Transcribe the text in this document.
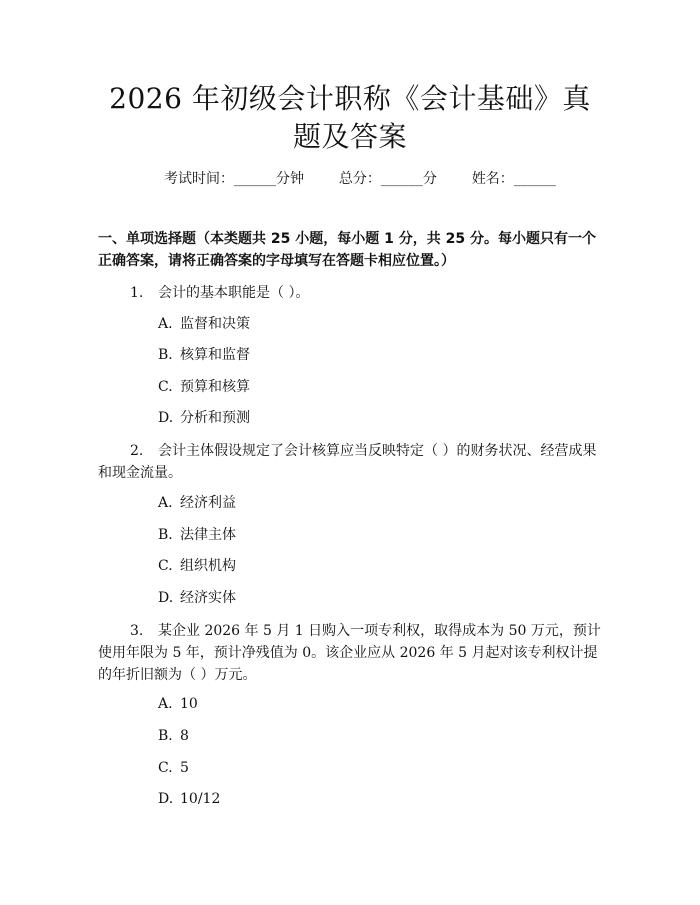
2026 年初级会计职称《会计基础》真题及答案
考试时间：______分钟 总分：______分 姓名：______

一、单项选择题（本类题共 25 小题，每小题 1 分，共 25 分。每小题只有一个正确答案，请将正确答案的字母填写在答题卡相应位置。）

1. 会计的基本职能是（ ）。
A. 监督和决策
B. 核算和监督
C. 预算和核算
D. 分析和预测
2. 会计主体假设规定了会计核算应当反映特定（ ）的财务状况、经营成果和现金流量。
A. 经济利益
B. 法律主体
C. 组织机构
D. 经济实体
3. 某企业 2026 年 5 月 1 日购入一项专利权，取得成本为 50 万元，预计使用年限为 5 年，预计净残值为 0。该企业应从 2026 年 5 月起对该专利权计提的年折旧额为（ ）万元。
A. 10
B. 8
C. 5
D. 10/12
